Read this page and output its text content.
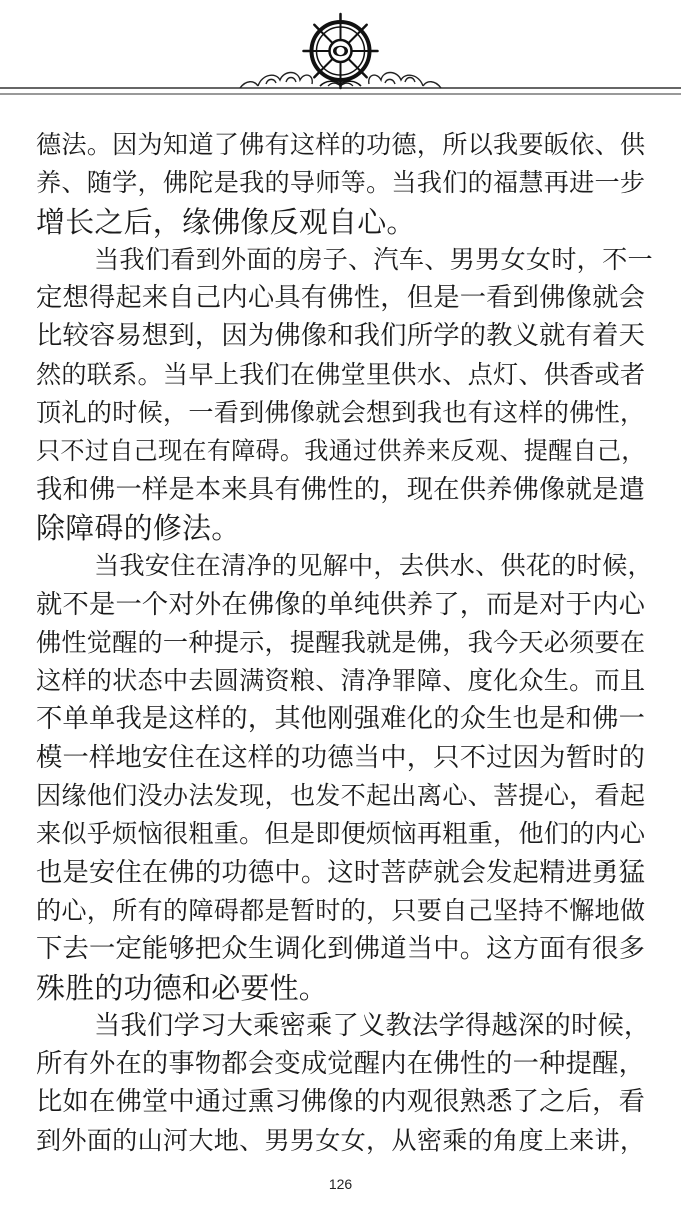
德法。因为知道了佛有这样的功德，所以我要皈依、供
养、随学，佛陀是我的导师等。当我们的福慧再进一步
增长之后，缘佛像反观自心。

当我们看到外面的房子、汽车、男男女女时，不一
定想得起来自己内心具有佛性，但是一看到佛像就会
比较容易想到，因为佛像和我们所学的教义就有着天
然的联系。当早上我们在佛堂里供水、点灯、供香或者
顶礼的时候，一看到佛像就会想到我也有这样的佛性，
只不过自己现在有障碍。我通过供养来反观、提醒自己，
我和佛一样是本来具有佛性的，现在供养佛像就是遣
除障碍的修法。

当我安住在清净的见解中，去供水、供花的时候，
就不是一个对外在佛像的单纯供养了，而是对于内心
佛性觉醒的一种提示，提醒我就是佛，我今天必须要在
这样的状态中去圆满资粮、清净罪障、度化众生。而且
不单单我是这样的，其他刚强难化的众生也是和佛一
模一样地安住在这样的功德当中，只不过因为暂时的
因缘他们没办法发现，也发不起出离心、菩提心，看起
来似乎烦恼很粗重。但是即便烦恼再粗重，他们的内心
也是安住在佛的功德中。这时菩萨就会发起精进勇猛
的心，所有的障碍都是暂时的，只要自己坚持不懈地做
下去一定能够把众生调化到佛道当中。这方面有很多
殊胜的功德和必要性。

当我们学习大乘密乘了义教法学得越深的时候，
所有外在的事物都会变成觉醒内在佛性的一种提醒，
比如在佛堂中通过熏习佛像的内观很熟悉了之后，看
到外面的山河大地、男男女女，从密乘的角度上来讲，

126
